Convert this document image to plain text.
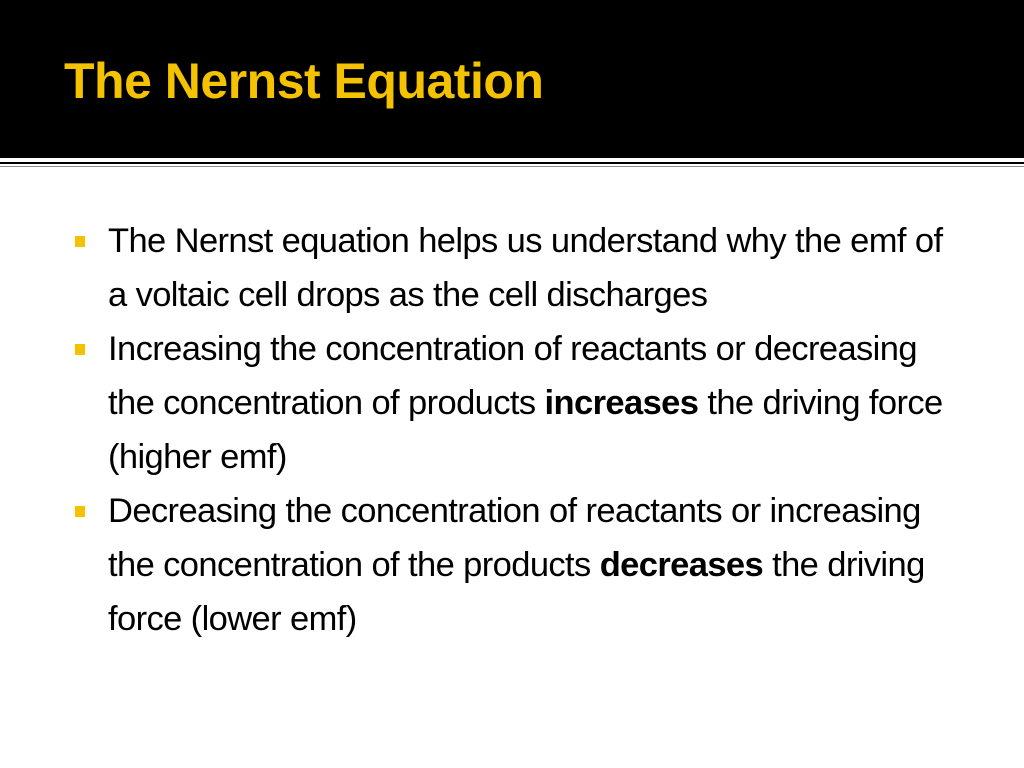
The Nernst Equation
The Nernst equation helps us understand why the emf of a voltaic cell drops as the cell discharges
Increasing the concentration of reactants or decreasing the concentration of products increases the driving force (higher emf)
Decreasing the concentration of reactants or increasing the concentration of the products decreases the driving force (lower emf)
